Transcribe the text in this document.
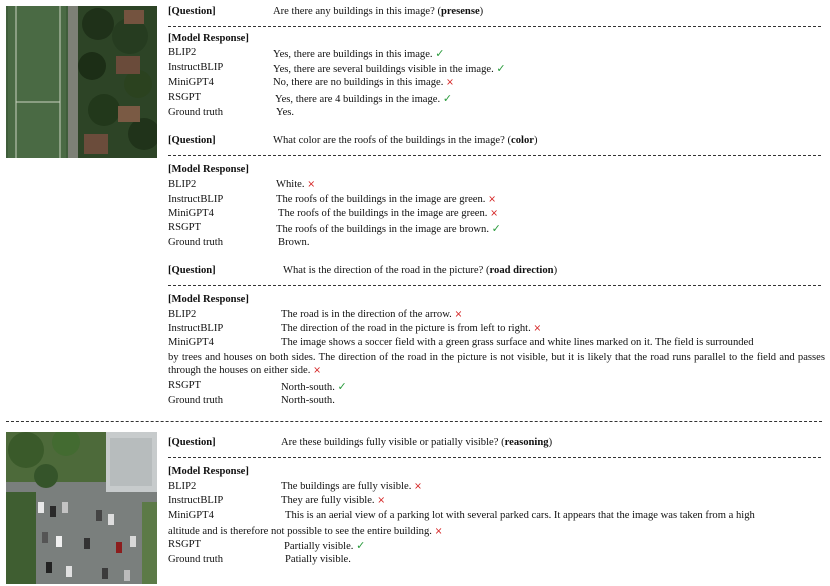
[Question]	Are there any buildings in this image? (presense)
[Model Response]
BLIP2	Yes, there are buildings in this image. ✓
InstructBLIP	Yes, there are several buildings visible in the image. ✓
MiniGPT4	No, there are no buildings in this image. ×
RSGPT	Yes, there are 4 buildings in the image. ✓
Ground truth	Yes.
[Question]	What color are the roofs of the buildings in the image? (color)
[Model Response]
BLIP2	White. ×
InstructBLIP	The roofs of the buildings in the image are green. ×
MiniGPT4	The roofs of the buildings in the image are green. ×
RSGPT	The roofs of the buildings in the image are brown. ✓
Ground truth	Brown.
[Question]	What is the direction of the road in the picture? (road direction)
[Model Response]
BLIP2	The road is in the direction of the arrow. ×
InstructBLIP	The direction of the road in the picture is from left to right. ×
MiniGPT4	The image shows a soccer field with a green grass surface and white lines marked on it. The field is surrounded
by trees and houses on both sides. The direction of the road in the picture is not visible, but it is likely that the road runs parallel to the field and passes through the houses on either side. ×
RSGPT	North-south. ✓
Ground truth	North-south.
[Question]	Are these buildings fully visible or patially visible? (reasoning)
[Model Response]
BLIP2	The buildings are fully visible. ×
InstructBLIP	They are fully visible. ×
MiniGPT4	This is an aerial view of a parking lot with several parked cars. It appears that the image was taken from a high
altitude and is therefore not possible to see the entire building. ×
RSGPT	Partially visible. ✓
Ground truth	Patially visible.
